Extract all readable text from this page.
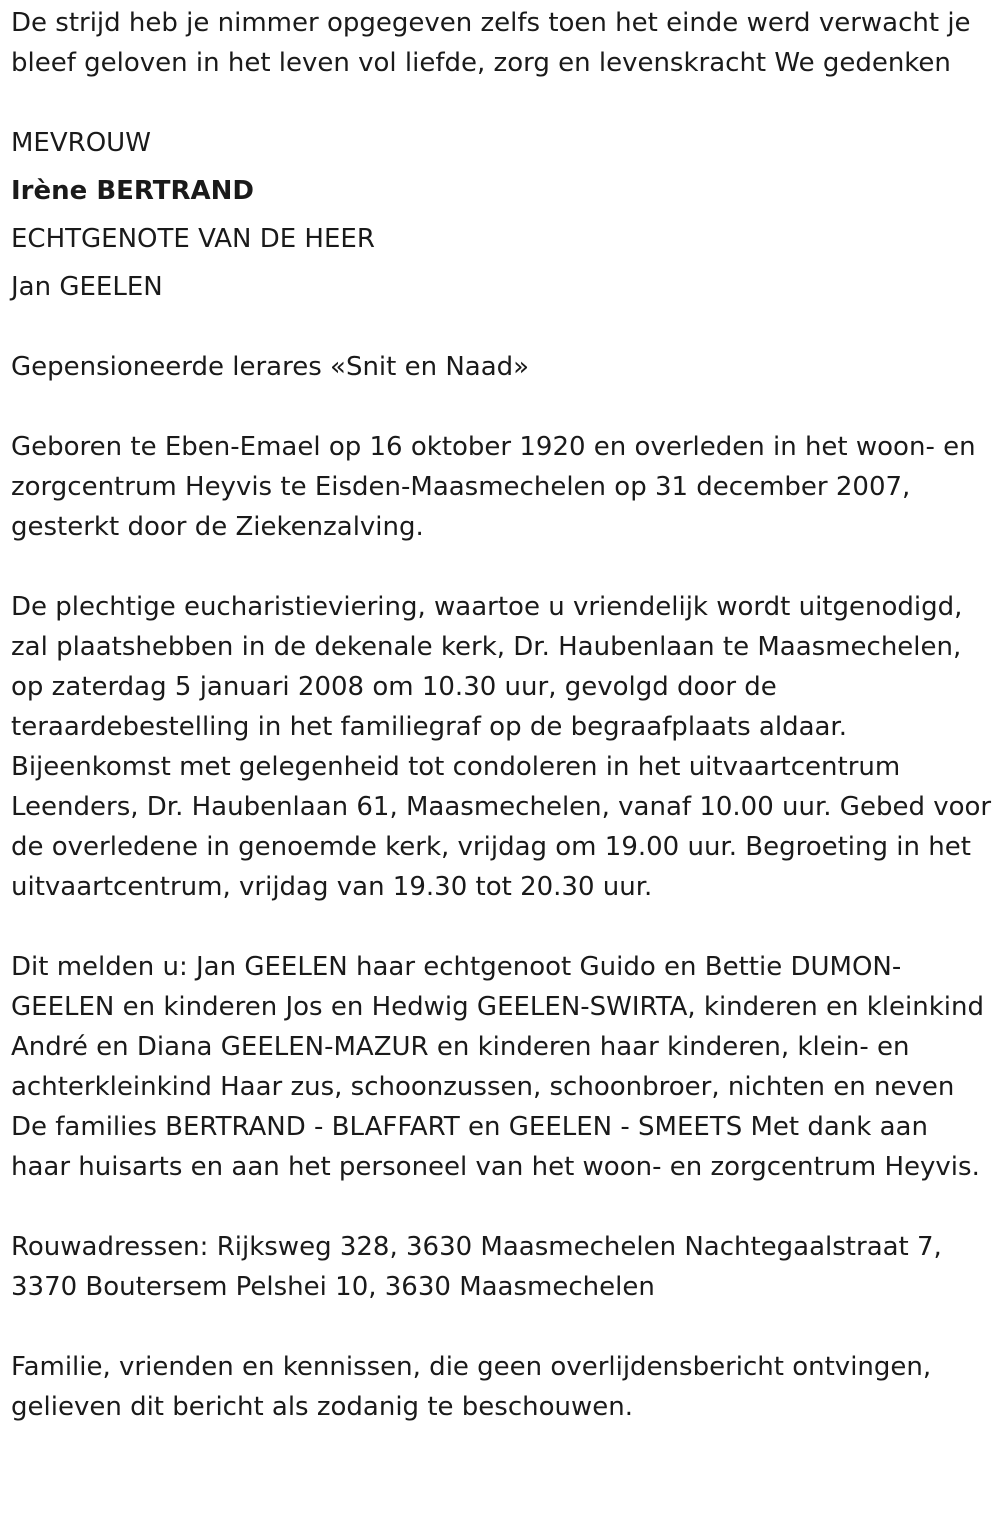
De strijd heb je nimmer opgegeven zelfs toen het einde werd verwacht je bleef geloven in het leven vol liefde, zorg en levenskracht We gedenken

MEVROUW
Irène BERTRAND
ECHTGENOTE VAN DE HEER
Jan GEELEN

Gepensioneerde lerares «Snit en Naad»

Geboren te Eben-Emael op 16 oktober 1920 en overleden in het woon- en zorgcentrum Heyvis te Eisden-Maasmechelen op 31 december 2007, gesterkt door de Ziekenzalving.

De plechtige eucharistieviering, waartoe u vriendelijk wordt uitgenodigd, zal plaatshebben in de dekenale kerk, Dr. Haubenlaan te Maasmechelen, op zaterdag 5 januari 2008 om 10.30 uur, gevolgd door de teraardebestelling in het familiegraf op de begraafplaats aldaar. Bijeenkomst met gelegenheid tot condoleren in het uitvaartcentrum Leenders, Dr. Haubenlaan 61, Maasmechelen, vanaf 10.00 uur. Gebed voor de overledene in genoemde kerk, vrijdag om 19.00 uur. Begroeting in het uitvaartcentrum, vrijdag van 19.30 tot 20.30 uur.

Dit melden u: Jan GEELEN haar echtgenoot Guido en Bettie DUMON-GEELEN en kinderen Jos en Hedwig GEELEN-SWIRTA, kinderen en kleinkind André en Diana GEELEN-MAZUR en kinderen haar kinderen, klein- en achterkleinkind Haar zus, schoonzussen, schoonbroer, nichten en neven De families BERTRAND - BLAFFART en GEELEN - SMEETS Met dank aan haar huisarts en aan het personeel van het woon- en zorgcentrum Heyvis.

Rouwadressen: Rijksweg 328, 3630 Maasmechelen Nachtegaalstraat 7, 3370 Boutersem Pelshei 10, 3630 Maasmechelen

Familie, vrienden en kennissen, die geen overlijdensbericht ontvingen, gelieven dit bericht als zodanig te beschouwen.
